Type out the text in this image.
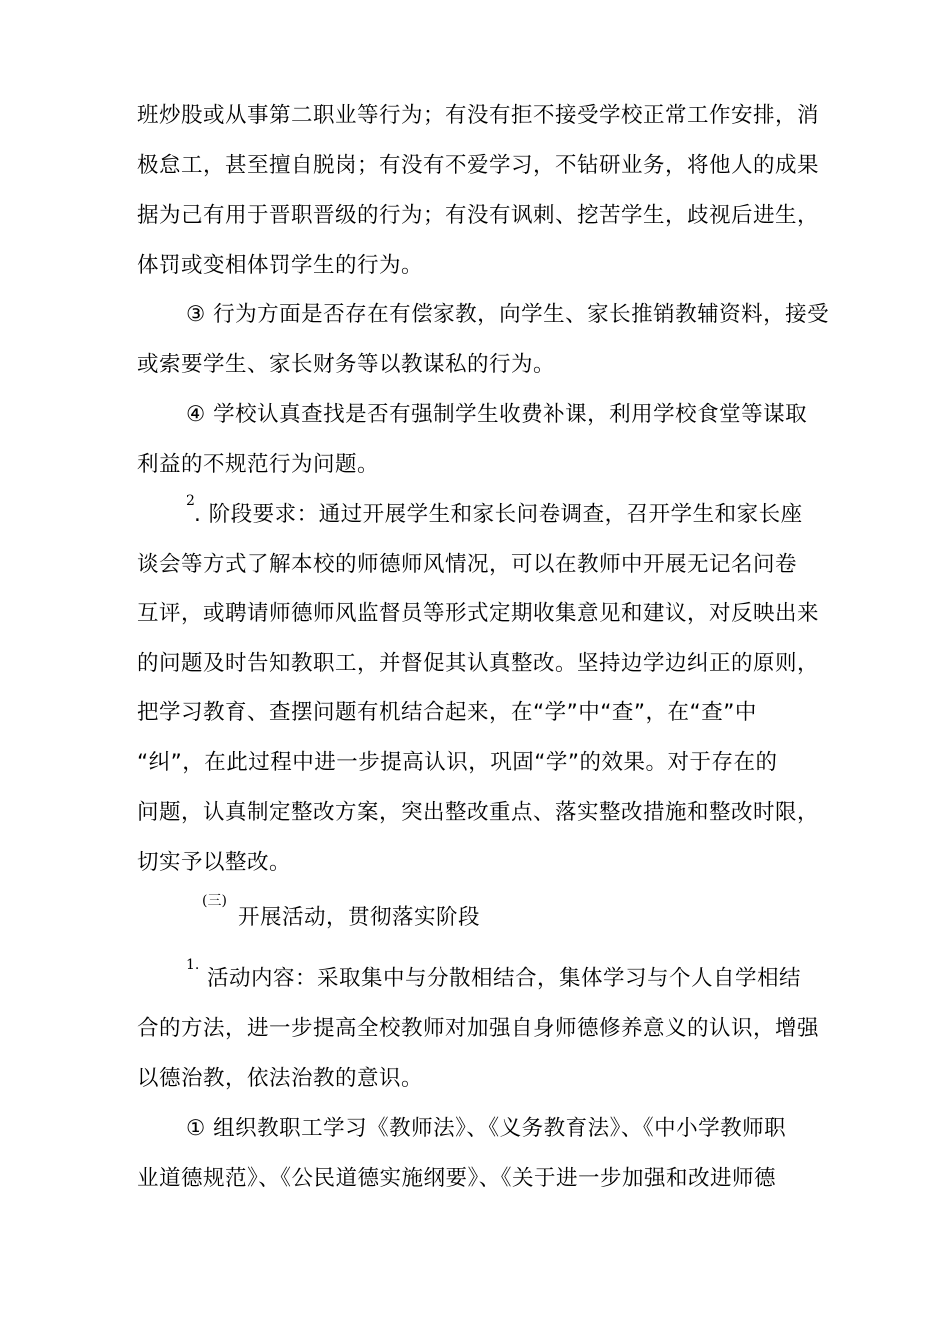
班炒股或从事第二职业等行为；有没有拒不接受学校正常工作安排，消
极怠工，甚至擅自脱岗；有没有不爱学习，不钻研业务，将他人的成果
据为己有用于晋职晋级的行为；有没有讽刺、挖苦学生，歧视后进生，
体罚或变相体罚学生的行为。
③ 行为方面是否存在有偿家教，向学生、家长推销教辅资料，接受
或索要学生、家长财务等以教谋私的行为。
④ 学校认真查找是否有强制学生收费补课，利用学校食堂等谋取
利益的不规范行为问题。
2
. 阶段要求：通过开展学生和家长问卷调查，召开学生和家长座
谈会等方式了解本校的师德师风情况，可以在教师中开展无记名问卷
互评，或聘请师德师风监督员等形式定期收集意见和建议，对反映出来
的问题及时告知教职工，并督促其认真整改。坚持边学边纠正的原则，
把学习教育、查摆问题有机结合起来，在“学”中“查”，在“查”中
“纠”，在此过程中进一步提高认识，巩固“学”的效果。对于存在的
问题，认真制定整改方案，突出整改重点、落实整改措施和整改时限，
切实予以整改。
(三)
开展活动，贯彻落实阶段
1.
活动内容：采取集中与分散相结合，集体学习与个人自学相结
合的方法，进一步提高全校教师对加强自身师德修养意义的认识，增强
以德治教，依法治教的意识。
① 组织教职工学习《教师法》、《义务教育法》、《中小学教师职
业道德规范》、《公民道德实施纲要》、《关于进一步加强和改进师德
